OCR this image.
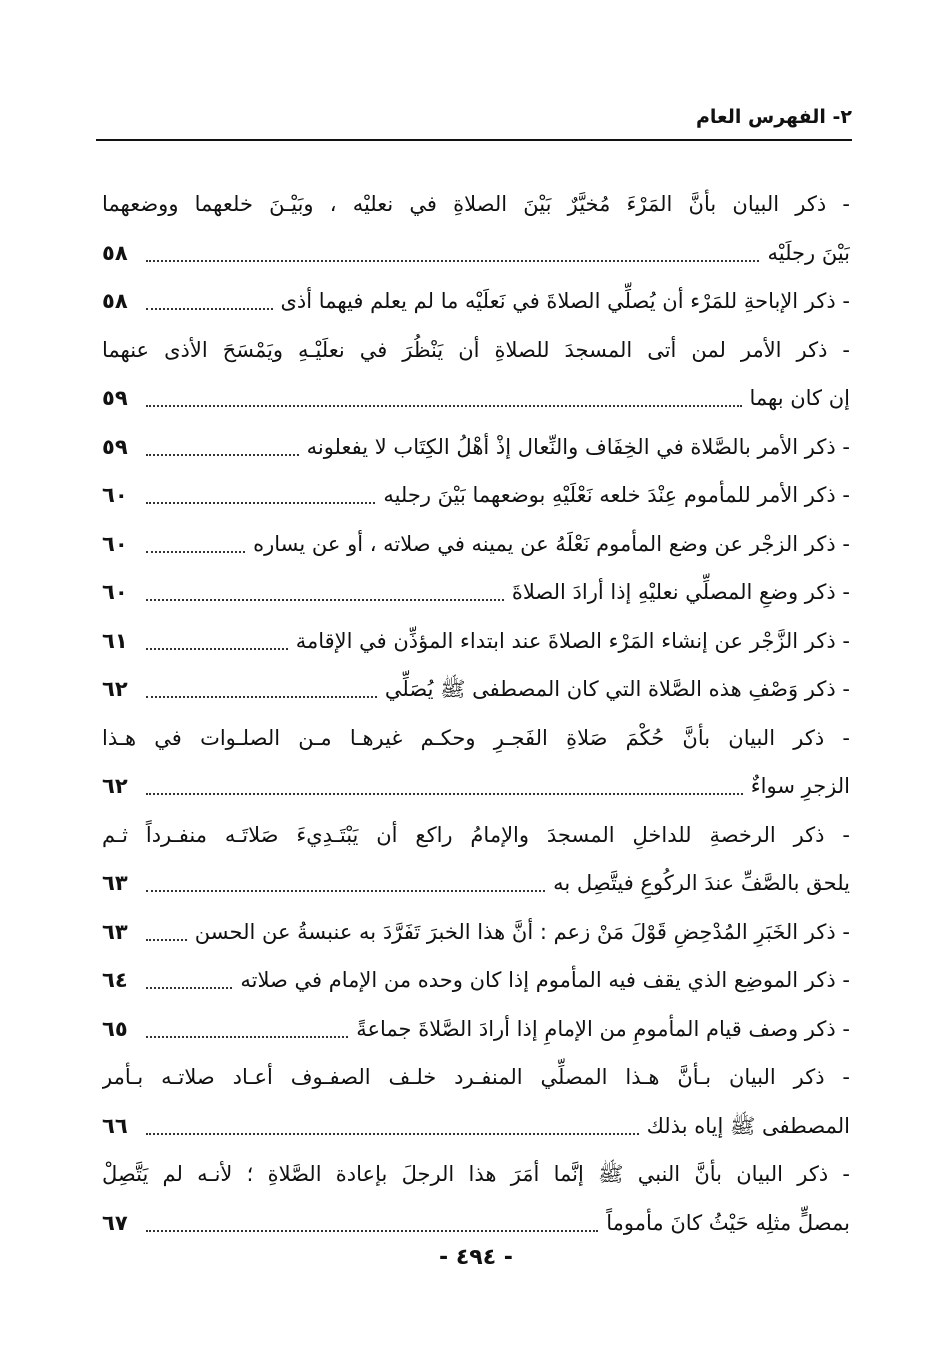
٢- الفهرس العام
- ذكر البيان بأنَّ المَرْءَ مُخيَّرٌ بَيْنَ الصلاةِ في نعليْه ، وبَيْـنَ خلعهما ووضعهما
بَيْنَ رجلَيْه
٥٨
- ذكر الإباحةِ للمَرْء أن يُصلِّي الصلاةَ في نَعلَيْه ما لم يعلم فيهما أذى
٥٨
- ذكر الأمر لمن أتى المسجدَ للصلاةِ أن يَنْظُرَ في نعلَيْـهِ ويَمْسَحَ الأذى عنهما
إن كان بهما
٥٩
- ذكر الأمر بالصَّلاة في الخِفَاف والنِّعال إذْ أهْلُ الكِتَاب لا يفعلونه
٥٩
- ذكر الأمر للمأموم عِنْدَ خلعه نَعْلَيْهِ بوضعهما بَيْنَ رجليه
٦٠
- ذكر الزجْر عن وضع المأموم نَعْلَهُ عن يمينه في صلاته ، أو عن يساره
٦٠
- ذكر وضعِ المصلِّي نعليْهِ إذا أرادَ الصلاةَ
٦٠
- ذكر الزَّجْر عن إنشاء المَرْء الصلاةَ عند ابتداء المؤذِّن في الإقامة
٦١
- ذكر وَصْفِ هذه الصَّلاة التي كان المصطفى ﷺ يُصَلِّي
٦٢
- ذكر البيان بأنَّ حُكْمَ صَلاةِ الفَجـرِ وحكـم غيرهـا مـن الصلـوات في هـذا
الزجرِ سواءٌ
٦٢
- ذكر الرخصةِ للداخلِ المسجدَ والإمامُ راكع أن يَبْتَـدِيءَ صَلاتَـه منفـرداً ثـم
يلحق بالصَّفِّ عندَ الركُوعِ فيتَّصِل به
٦٣
- ذكر الخَبَرِ المُدْحِضِ قَوْلَ مَنْ زعم : أنَّ هذا الخبرَ تَفَرَّدَ به عنبسةُ عن الحسن
٦٣
- ذكر الموضِع الذي يقف فيه المأموم إذا كان وحده من الإمام في صلاته
٦٤
- ذكر وصف قيام المأمومِ من الإمامِ إذا أرادَ الصَّلاةَ جماعةً
٦٥
- ذكر البيان بـأنَّ هـذا المصلِّي المنفـرد خلـف الصفـوف أعـاد صلاتـه بـأمر
المصطفى ﷺ إياه بذلك
٦٦
- ذكر البيان بأنَّ النبي ﷺ إنَّما أمَرَ هذا الرجلَ بإعادة الصَّلاةِ ؛ لأنـه لم يَتَّصِلْ
بمصلٍّ مثلِه حَيْثُ كانَ مأموماً
٦٧
- ٤٩٤ -
